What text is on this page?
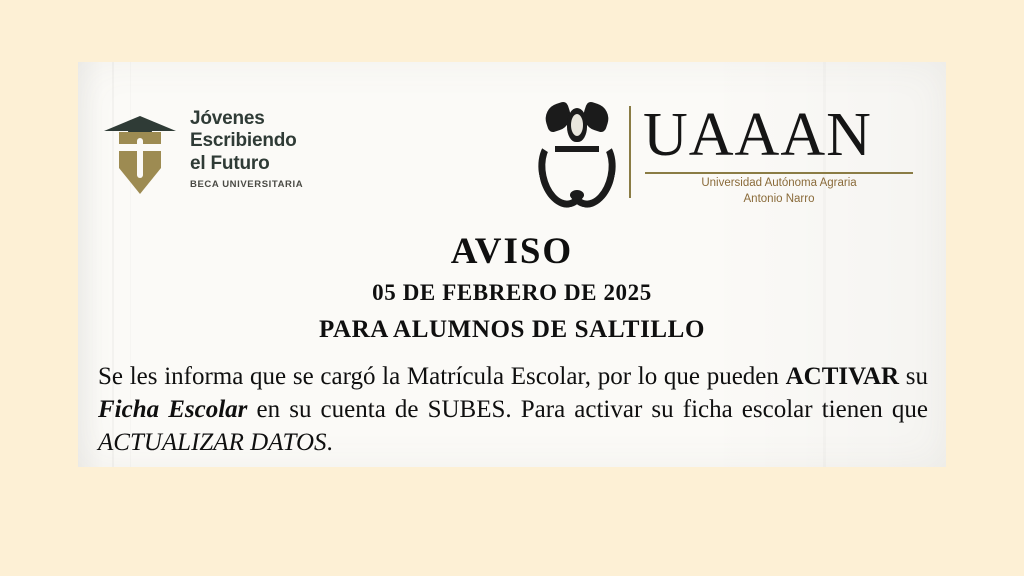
Jóvenes
Escribiendo
el Futuro
BECA UNIVERSITARIA
UAAAN
Universidad Autónoma Agraria
Antonio Narro
AVISO
05 DE FEBRERO DE 2025
PARA ALUMNOS DE SALTILLO

Se les informa que se cargó la Matrícula Escolar, por lo que pueden ACTIVAR su Ficha Escolar en su cuenta de SUBES. Para activar su ficha escolar tienen que ACTUALIZAR DATOS.
